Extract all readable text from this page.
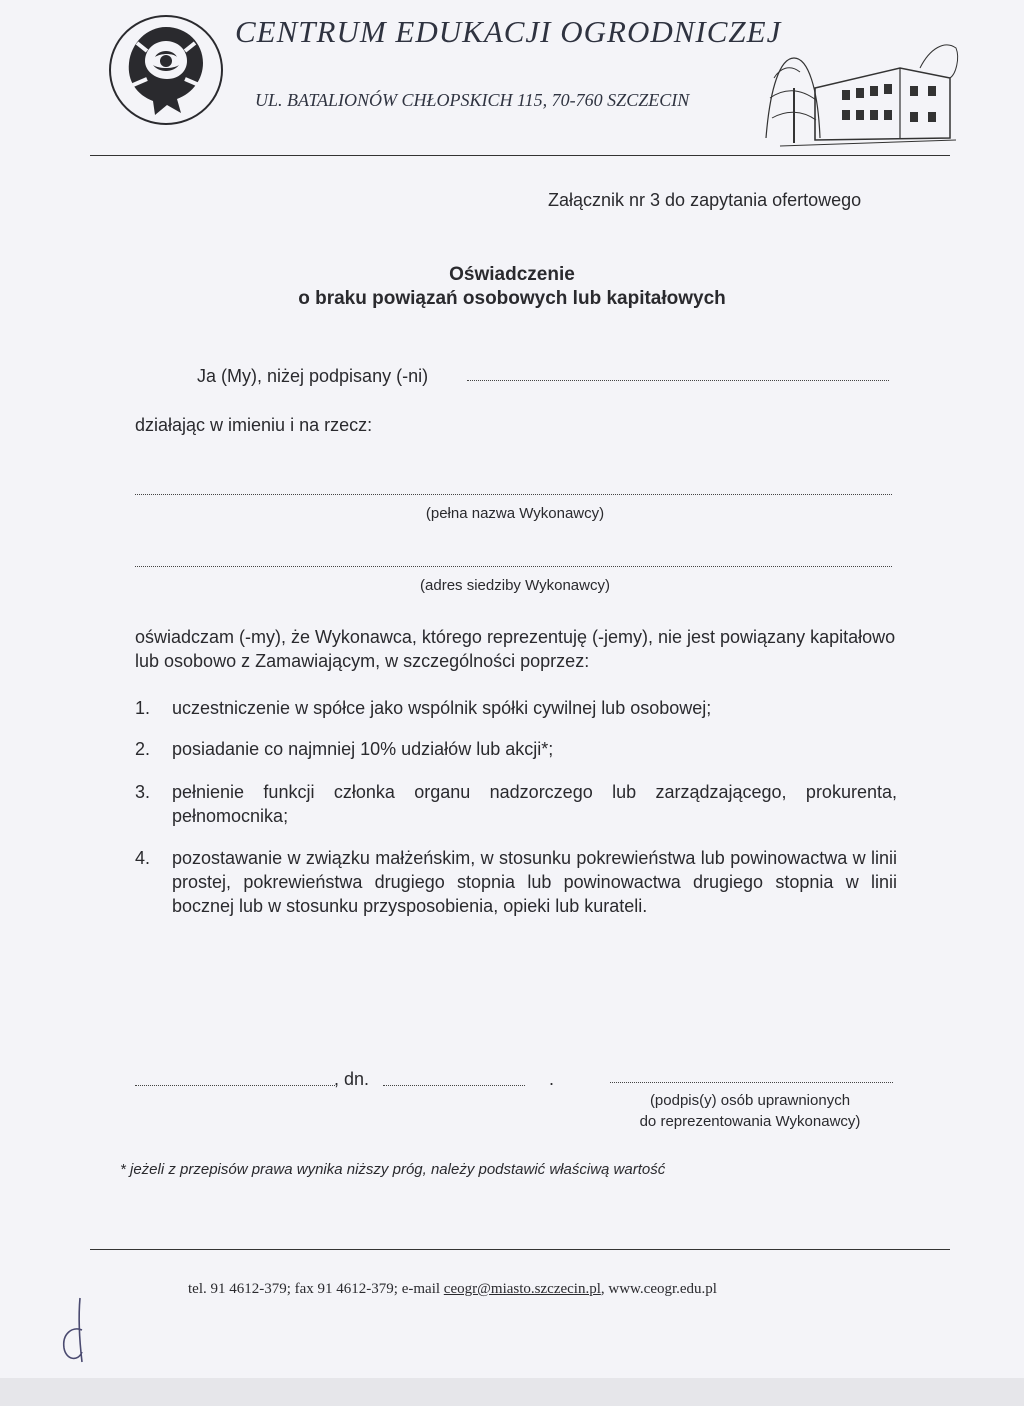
CENTRUM EDUKACJI OGRODNICZEJ
UL. BATALIONÓW CHŁOPSKICH 115, 70-760 SZCZECIN
Załącznik nr 3 do zapytania ofertowego
Oświadczenie
o braku powiązań osobowych lub kapitałowych
Ja (My), niżej podpisany (-ni)
działając w imieniu i na rzecz:
(pełna nazwa Wykonawcy)
(adres siedziby Wykonawcy)
oświadczam (-my), że Wykonawca, którego reprezentuję (-jemy), nie jest powiązany kapitałowo lub osobowo z Zamawiającym, w szczególności poprzez:
1.	uczestniczenie w spółce jako wspólnik spółki cywilnej lub osobowej;
2.	posiadanie co najmniej 10% udziałów lub akcji*;
3.	pełnienie funkcji członka organu nadzorczego lub zarządzającego, prokurenta, pełnomocnika;
4.	pozostawanie w związku małżeńskim, w stosunku pokrewieństwa lub powinowactwa w linii prostej, pokrewieństwa drugiego stopnia lub powinowactwa drugiego stopnia w linii bocznej lub w stosunku przysposobienia, opieki lub kurateli.
, dn.	.
(podpis(y) osób uprawnionych
do reprezentowania Wykonawcy)
* jeżeli z przepisów prawa wynika niższy próg, należy podstawić właściwą wartość
tel. 91 4612-379; fax 91 4612-379; e-mail ceogr@miasto.szczecin.pl, www.ceogr.edu.pl
